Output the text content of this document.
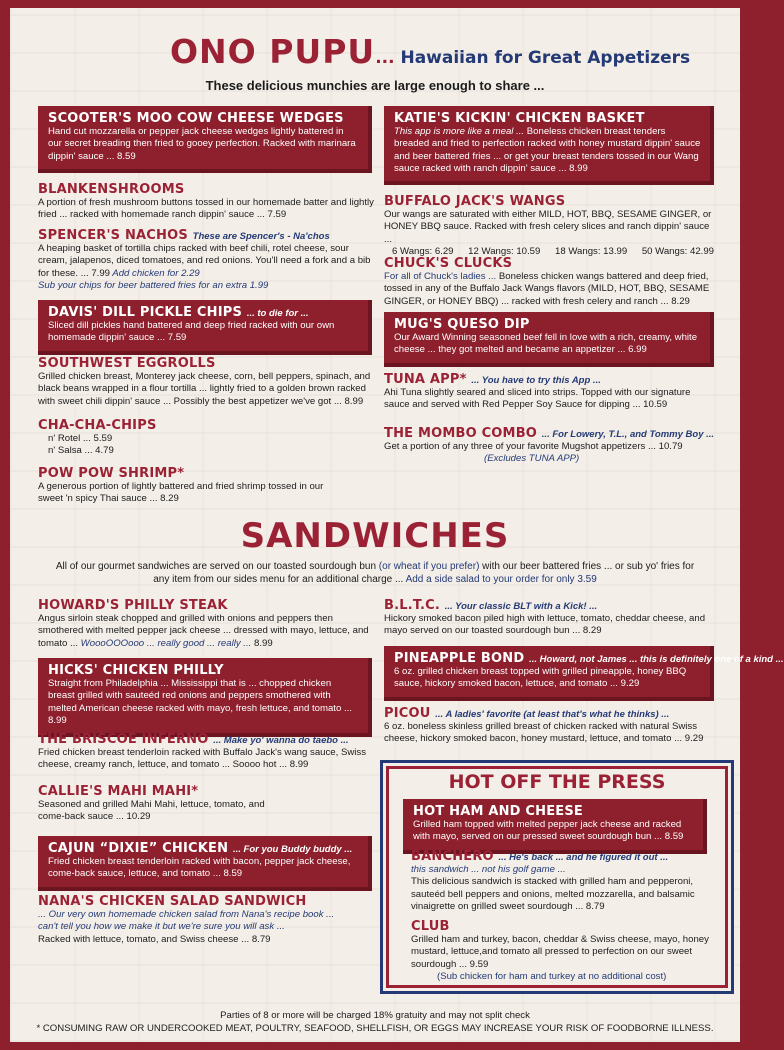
ONO PUPU... Hawaiian for Great Appetizers
These delicious munchies are large enough to share ...
SCOOTER'S MOO COW CHEESE WEDGES
Hand cut mozzarella or pepper jack cheese wedges lightly battered in our secret breading then fried to gooey perfection. Racked with marinara dippin' sauce ... 8.59
BLANKENSHROOMS
A portion of fresh mushroom buttons tossed in our homemade batter and lightly fried ... racked with homemade ranch dippin' sauce ... 7.59
SPENCER'S NACHOS These are Spencer's - Na'chos
A heaping basket of tortilla chips racked with beef chili, rotel cheese, sour cream, jalapenos, diced tomatoes, and red onions. You'll need a fork and a bib for these. ... 7.99 Add chicken for 2.29
Sub your chips for beer battered fries for an extra 1.99
DAVIS' DILL PICKLE CHIPS ... to die for ...
Sliced dill pickles hand battered and deep fried racked with our own homemade dippin' sauce ... 7.59
SOUTHWEST EGGROLLS
Grilled chicken breast, Monterey jack cheese, corn, bell peppers, spinach, and black beans wrapped in a flour tortilla ... lightly fried to a golden brown racked with sweet chili dippin' sauce ... Possibly the best appetizer we've got ... 8.99
CHA-CHA-CHIPS
n' Rotel ... 5.59
n' Salsa ... 4.79
POW POW SHRIMP*
A generous portion of lightly battered and fried shrimp tossed in our sweet 'n spicy Thai sauce ... 8.29
KATIE'S KICKIN' CHICKEN BASKET
This app is more like a meal ... Boneless chicken breast tenders breaded and fried to perfection racked with honey mustard dippin' sauce and beer battered fries ... or get your breast tenders tossed in our Wang sauce racked with ranch dippin' sauce ... 8.99
BUFFALO JACK'S WANGS
Our wangs are saturated with either MILD, HOT, BBQ, SESAME GINGER, or HONEY BBQ sauce. Racked with fresh celery slices and ranch dippin' sauce ...
6 Wangs: 6.29 12 Wangs: 10.59 18 Wangs: 13.99 50 Wangs: 42.99
CHUCK'S CLUCKS
For all of Chuck's ladies ... Boneless chicken wangs battered and deep fried, tossed in any of the Buffalo Jack Wangs flavors (MILD, HOT, BBQ, SESAME GINGER, or HONEY BBQ) ... racked with fresh celery and ranch ... 8.29
MUG'S QUESO DIP
Our Award Winning seasoned beef fell in love with a rich, creamy, white cheese ... they got melted and became an appetizer ... 6.99
TUNA APP* ... You have to try this App ...
Ahi Tuna slightly seared and sliced into strips. Topped with our signature sauce and served with Red Pepper Soy Sauce for dipping ... 10.59
THE MOMBO COMBO ... For Lowery, T.L., and Tommy Boy ...
Get a portion of any three of your favorite Mugshot appetizers ... 10.79
(Excludes TUNA APP)
SANDWICHES
All of our gourmet sandwiches are served on our toasted sourdough bun (or wheat if you prefer) with our beer battered fries ... or sub yo' fries for
any item from our sides menu for an additional charge ... Add a side salad to your order for only 3.59
HOWARD'S PHILLY STEAK
Angus sirloin steak chopped and grilled with onions and peppers then smothered with melted pepper jack cheese ... dressed with mayo, lettuce, and tomato ... WoooOOOooo ... really good ... really ... 8.99
HICKS' CHICKEN PHILLY
Straight from Philadelphia ... Mississippi that is ... chopped chicken breast grilled with sauteéd red onions and peppers smothered with melted American cheese racked with mayo, fresh lettuce, and tomato ... 8.99
THE BRISCOE INFERNO ... Make yo' wanna do taebo ...
Fried chicken breast tenderloin racked with Buffalo Jack's wang sauce, Swiss cheese, creamy ranch, lettuce, and tomato ... Soooo hot ... 8.99
CALLIE'S MAHI MAHI*
Seasoned and grilled Mahi Mahi, lettuce, tomato, and come-back sauce ... 10.29
CAJUN “DIXIE” CHICKEN ... For you Buddy buddy ...
Fried chicken breast tenderloin racked with bacon, pepper jack cheese, come-back sauce, lettuce, and tomato ... 8.59
NANA'S CHICKEN SALAD SANDWICH
... Our very own homemade chicken salad from Nana's recipe book ...
can't tell you how we make it but we're sure you will ask ...
Racked with lettuce, tomato, and Swiss cheese ... 8.79
B.L.T.C. ... Your classic BLT with a Kick! ...
Hickory smoked bacon piled high with lettuce, tomato, cheddar cheese, and mayo served on our toasted sourdough bun ... 8.29
PINEAPPLE BOND ... Howard, not James ... this is definitely one of a kind ...
6 oz. grilled chicken breast topped with grilled pineapple, honey BBQ sauce, hickory smoked bacon, lettuce, and tomato ... 9.29
PICOU ... A ladies' favorite (at least that's what he thinks) ...
6 oz. boneless skinless grilled breast of chicken racked with natural Swiss cheese, hickory smoked bacon, honey mustard, lettuce, and tomato ... 9.29
HOT OFF THE PRESS
HOT HAM AND CHEESE
Grilled ham topped with melted pepper jack cheese and racked with mayo, served on our pressed sweet sourdough bun ... 8.59
BANCHERO ... He's back ... and he figured it out ...
this sandwich ... not his golf game ...
This delicious sandwich is stacked with grilled ham and pepperoni, sauteéd bell peppers and onions, melted mozzarella, and balsamic vinaigrette on grilled sweet sourdough ... 8.79
CLUB
Grilled ham and turkey, bacon, cheddar & Swiss cheese, mayo, honey mustard, lettuce,and tomato all pressed to perfection on our sweet sourdough ... 9.59
(Sub chicken for ham and turkey at no additional cost)
Parties of 8 or more will be charged 18% gratuity and may not split check
* CONSUMING RAW OR UNDERCOOKED MEAT, POULTRY, SEAFOOD, SHELLFISH, OR EGGS MAY INCREASE YOUR RISK OF FOODBORNE ILLNESS.
